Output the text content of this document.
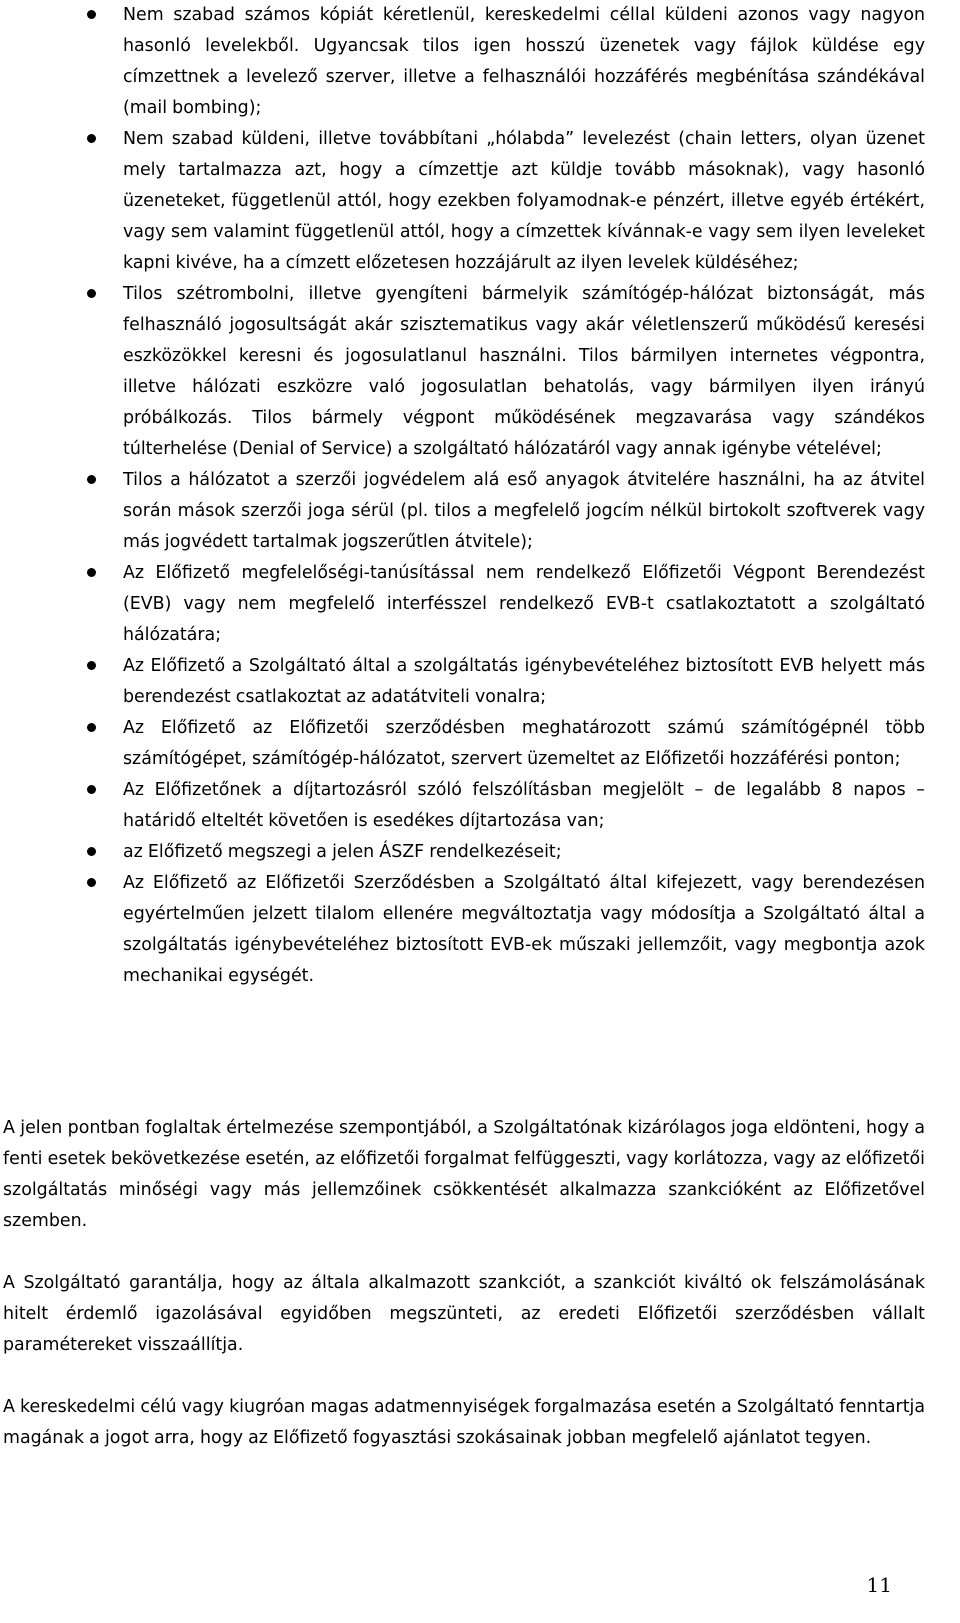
Nem szabad számos kópiát kéretlenül, kereskedelmi céllal küldeni azonos vagy nagyon hasonló levelekből. Ugyancsak tilos igen hosszú üzenetek vagy fájlok küldése egy címzettnek a levelező szerver, illetve a felhasználói hozzáférés megbénítása szándékával (mail bombing);
Nem szabad küldeni, illetve továbbítani „hólabda” levelezést (chain letters, olyan üzenet mely tartalmazza azt, hogy a címzettje azt küldje tovább másoknak), vagy hasonló üzeneteket, függetlenül attól, hogy ezekben folyamodnak-e pénzért, illetve egyéb értékért, vagy sem valamint függetlenül attól, hogy a címzettek kívánnak-e vagy sem ilyen leveleket kapni kivéve, ha a címzett előzetesen hozzájárult az ilyen levelek küldéséhez;
Tilos szétrombolni, illetve gyengíteni bármelyik számítógép-hálózat biztonságát, más felhasználó jogosultságát akár szisztematikus vagy akár véletlenszerű működésű keresési eszközökkel keresni és jogosulatlanul használni. Tilos bármilyen internetes végpontra, illetve hálózati eszközre való jogosulatlan behatolás, vagy bármilyen ilyen irányú próbálkozás. Tilos bármely végpont működésének megzavarása vagy szándékos túlterhelése (Denial of Service) a szolgáltató hálózatáról vagy annak igénybe vételével;
Tilos a hálózatot a szerzői jogvédelem alá eső anyagok átvitelére használni, ha az átvitel során mások szerzői joga sérül (pl. tilos a megfelelő jogcím nélkül birtokolt szoftverek vagy más jogvédett tartalmak jogszerűtlen átvitele);
Az Előfizető megfelelőségi-tanúsítással nem rendelkező Előfizetői Végpont Berendezést (EVB) vagy nem megfelelő interfésszel rendelkező EVB-t csatlakoztatott a szolgáltató hálózatára;
Az Előfizető a Szolgáltató által a szolgáltatás igénybevételéhez biztosított EVB helyett más berendezést csatlakoztat az adatátviteli vonalra;
Az Előfizető az Előfizetői szerződésben meghatározott számú számítógépnél több számítógépet, számítógép-hálózatot, szervert üzemeltet az Előfizetői hozzáférési ponton;
Az Előfizetőnek a díjtartozásról szóló felszólításban megjelölt – de legalább 8 napos – határidő elteltét követően is esedékes díjtartozása van;
az Előfizető megszegi a jelen ÁSZF rendelkezéseit;
Az Előfizető az Előfizetői Szerződésben a Szolgáltató által kifejezett, vagy berendezésen egyértelműen jelzett tilalom ellenére megváltoztatja vagy módosítja a Szolgáltató által a szolgáltatás igénybevételéhez biztosított EVB-ek műszaki jellemzőit, vagy megbontja azok mechanikai egységét.

A jelen pontban foglaltak értelmezése szempontjából, a Szolgáltatónak kizárólagos joga eldönteni, hogy a fenti esetek bekövetkezése esetén, az előfizetői forgalmat felfüggeszti, vagy korlátozza, vagy az előfizetői szolgáltatás minőségi vagy más jellemzőinek csökkentését alkalmazza szankcióként az Előfizetővel szemben.

A Szolgáltató garantálja, hogy az általa alkalmazott szankciót, a szankciót kiváltó ok felszámolásának hitelt érdemlő igazolásával egyidőben megszünteti, az eredeti Előfizetői szerződésben vállalt paramétereket visszaállítja.

A kereskedelmi célú vagy kiugróan magas adatmennyiségek forgalmazása esetén a Szolgáltató fenntartja magának a jogot arra, hogy az Előfizető fogyasztási szokásainak jobban megfelelő ajánlatot tegyen.

11
